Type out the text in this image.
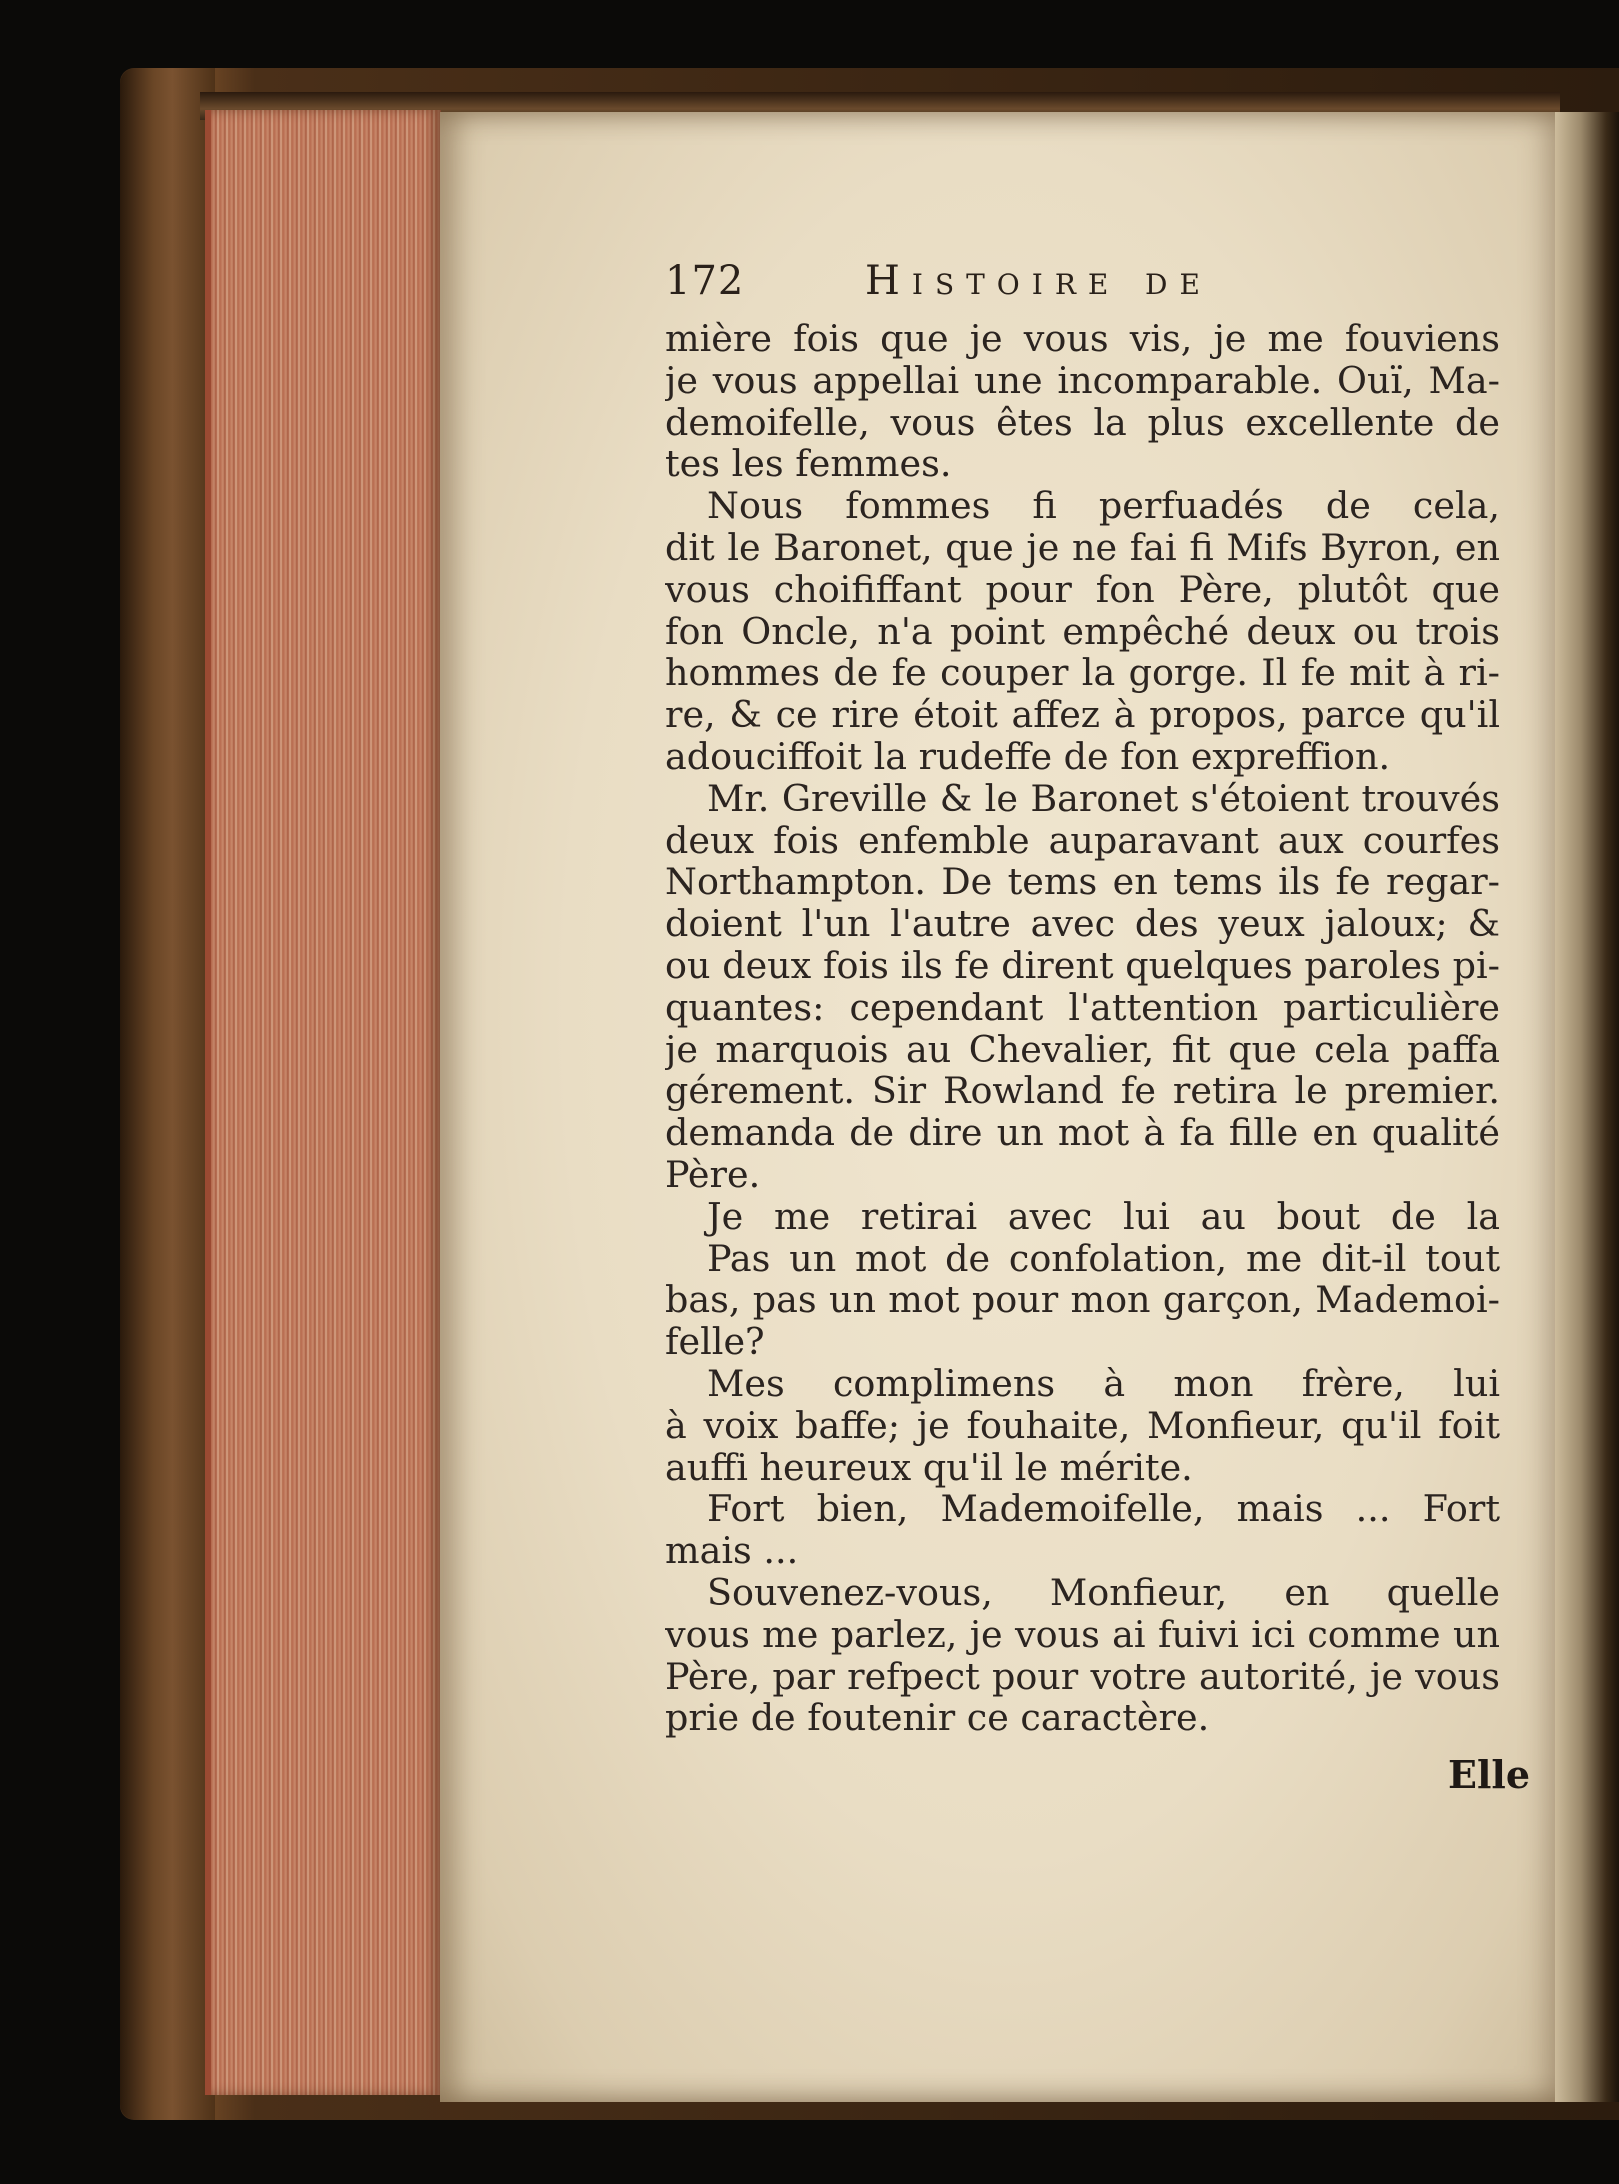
172	Histoire de
mière fois que je vous vis, je me fouviens
je vous appellai une incomparable. Ouï, Ma-
demoifelle, vous êtes la plus excellente de
tes les femmes.
Nous fommes fi perfuadés de cela,
dit le Baronet, que je ne fai fi Mifs Byron, en
vous choififfant pour fon Père, plutôt que
fon Oncle, n'a point empêché deux ou trois
hommes de fe couper la gorge. Il fe mit à ri-
re, & ce rire étoit affez à propos, parce qu'il
adouciffoit la rudeffe de fon expreffion.
Mr. Greville & le Baronet s'étoient trouvés
deux fois enfemble auparavant aux courfes
Northampton. De tems en tems ils fe regar-
doient l'un l'autre avec des yeux jaloux; &
ou deux fois ils fe dirent quelques paroles pi-
quantes: cependant l'attention particulière
je marquois au Chevalier, fit que cela paffa
gérement. Sir Rowland fe retira le premier.
demanda de dire un mot à fa fille en qualité
Père.
Je me retirai avec lui au bout de la
Pas un mot de confolation, me dit-il tout
bas, pas un mot pour mon garçon, Mademoi-
felle?
Mes complimens à mon frère, lui
à voix baffe; je fouhaite, Monfieur, qu'il foit
auffi heureux qu'il le mérite.
Fort bien, Mademoifelle, mais ... Fort
mais ...
Souvenez-vous, Monfieur, en quelle
vous me parlez, je vous ai fuivi ici comme un
Père, par refpect pour votre autorité, je vous
prie de foutenir ce caractère.
Elle
